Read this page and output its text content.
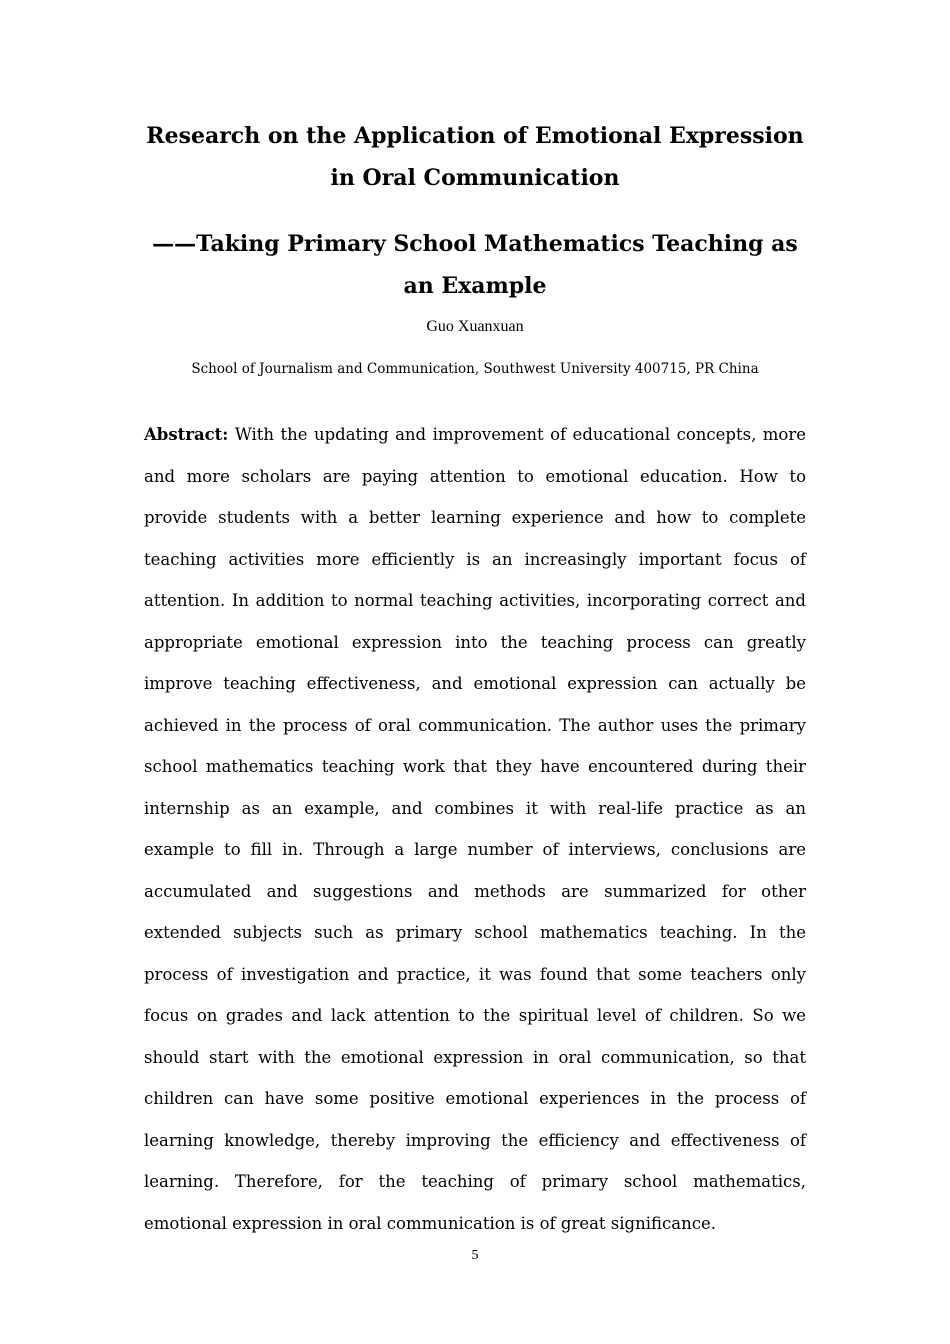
Research on the Application of Emotional Expression in Oral Communication
——Taking Primary School Mathematics Teaching as an Example
Guo Xuanxuan
School of Journalism and Communication, Southwest University 400715, PR China

Abstract: With the updating and improvement of educational concepts, more and more scholars are paying attention to emotional education. How to provide students with a better learning experience and how to complete teaching activities more efficiently is an increasingly important focus of attention. In addition to normal teaching activities, incorporating correct and appropriate emotional expression into the teaching process can greatly improve teaching effectiveness, and emotional expression can actually be achieved in the process of oral communication. The author uses the primary school mathematics teaching work that they have encountered during their internship as an example, and combines it with real-life practice as an example to fill in. Through a large number of interviews, conclusions are accumulated and suggestions and methods are summarized for other extended subjects such as primary school mathematics teaching. In the process of investigation and practice, it was found that some teachers only focus on grades and lack attention to the spiritual level of children. So we should start with the emotional expression in oral communication, so that children can have some positive emotional experiences in the process of learning knowledge, thereby improving the efficiency and effectiveness of learning. Therefore, for the teaching of primary school mathematics, emotional expression in oral communication is of great significance.

5
